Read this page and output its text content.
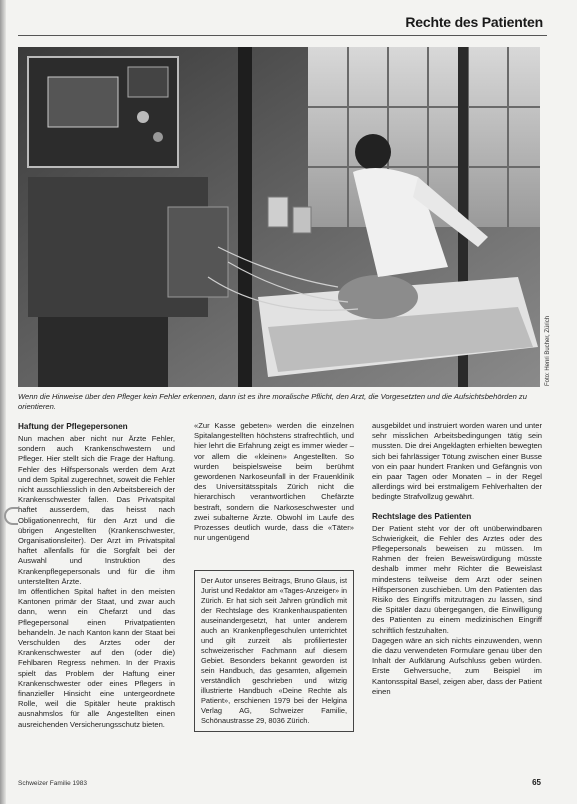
Rechte des Patienten
Foto: Henri Bucher, Zürich
Wenn die Hinweise über den Pfleger kein Fehler erkennen, dann ist es ihre moralische Pflicht, den Arzt, die Vorgesetzten und die Aufsichtsbehörden zu orientieren.
Haftung der Pflegepersonen

Nun machen aber nicht nur Ärzte Fehler, sondern auch Krankenschwestern und Pfleger. Hier stellt sich die Frage der Haftung. Fehler des Hilfspersonals werden dem Arzt und dem Spital zugerechnet, soweit die Fehler nicht ausschliesslich in den Arbeitsbereich der Krankenschwester fallen. Das Privatspital haftet ausserdem, das heisst nach Obligationenrecht, für den Arzt und die übrigen Angestellten (Krankenschwester, Organisationsleiter). Der Arzt im Privatspital haftet allenfalls für die Sorgfalt bei der Auswahl und Instruktion des Krankenpflegepersonals und für die ihm unterstellten Ärzte.

Im öffentlichen Spital haftet in den meisten Kantonen primär der Staat, und zwar auch dann, wenn ein Chefarzt und das Pflegepersonal einen Privatpatienten behandeln. Je nach Kanton kann der Staat bei Verschulden des Arztes oder der Krankenschwester auf den (oder die) Fehlbaren Regress nehmen. In der Praxis spielt das Problem der Haftung einer Krankenschwester oder eines Pflegers in finanzieller Hinsicht eine untergeordnete Rolle, weil die Spitäler heute praktisch ausnahmslos für alle Angestellten einen ausreichenden Versicherungsschutz bieten.

«Zur Kasse gebeten» werden die einzelnen Spitalangestellten höchstens strafrechtlich, und hier lehrt die Erfahrung zeigt es immer wieder – vor allem die «kleinen» Angestellten. So wurden beispielsweise beim berühmt gewordenen Narkoseunfall in der Frauenklinik des Universitätsspitals Zürich nicht die hierarchisch verantwortlichen Chefärzte bestraft, sondern die Narkoseschwester und zwei subalterne Ärzte. Obwohl im Laufe des Prozesses deutlich wurde, dass die «Täter» nur ungenügend

Der Autor unseres Beitrags, Bruno Glaus, ist Jurist und Redaktor am «Tages-Anzeiger» in Zürich. Er hat sich seit Jahren gründlich mit der Rechtslage des Krankenhauspatienten auseinandergesetzt, hat unter anderem auch an Krankenpflegeschulen unterrichtet und gilt zurzeit als profiliertester schweizerischer Fachmann auf diesem Gebiet. Besonders bekannt geworden ist sein Handbuch, das gesamten, allgemein verständlich geschrieben und witzig illustrierte Handbuch «Deine Rechte als Patient», erschienen 1979 bei der Helgina Verlag AG, Schweizer Familie, Schönaustrasse 29, 8036 Zürich.

ausgebildet und instruiert worden waren und unter sehr misslichen Arbeitsbedingungen tätig sein mussten. Die drei Angeklagten erhielten bewegten sich bei fahrlässiger Tötung zwischen einer Busse von ein paar hundert Franken und Gefängnis von ein paar Tagen oder Monaten – in der Regel allerdings wird bei erstmaligem Fehlverhalten der bedingte Strafvollzug gewährt.

Rechtslage des Patienten

Der Patient steht vor der oft unüberwindbaren Schwierigkeit, die Fehler des Arztes oder des Pflegepersonals beweisen zu müssen. Im Rahmen der freien Beweiswürdigung müsste deshalb immer mehr Richter die Beweislast mindestens teilweise dem Arzt oder seinen Hilfspersonen zuschieben. Um den Patienten das Risiko des Eingriffs mitzutragen zu lassen, sind die Spitäler dazu übergegangen, die Einwilligung des Patienten zu einem medizinischen Eingriff schriftlich festzuhalten.

Dagegen wäre an sich nichts einzuwenden, wenn die dazu verwendeten Formulare genau über den Inhalt der Aufklärung Aufschluss geben würden. Erste Gehversuche, zum Beispiel im Kantonsspital Basel, zeigen aber, dass der Patient einen

Schweizer Familie 1983	65
